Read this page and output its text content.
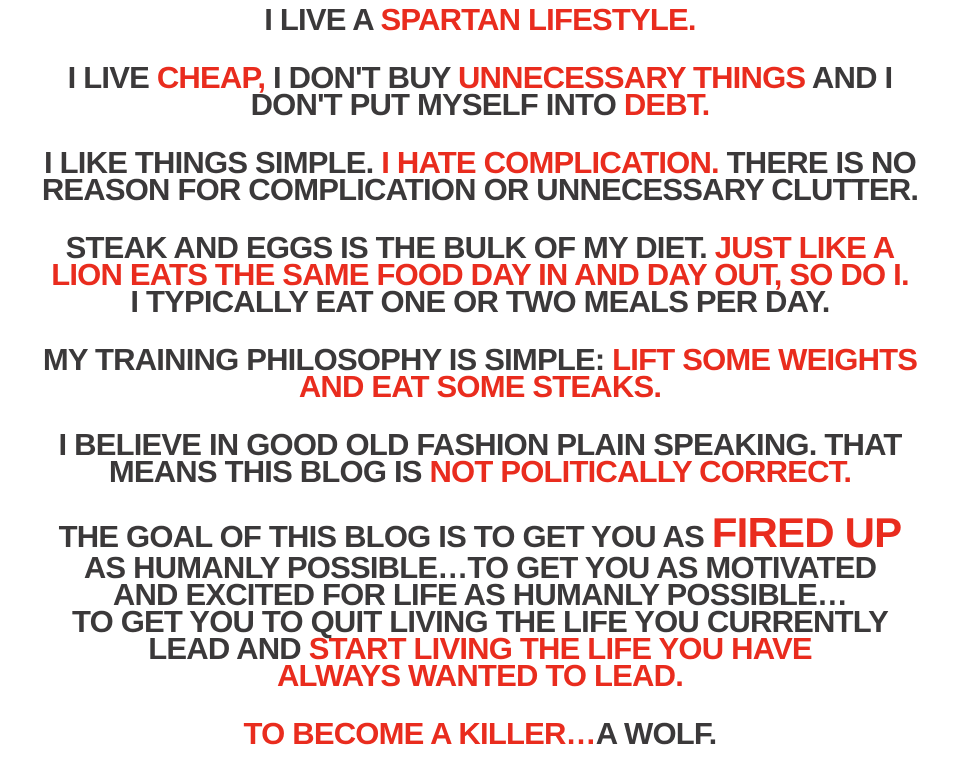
I LIVE A SPARTAN LIFESTYLE.
I LIVE CHEAP, I DON'T BUY UNNECESSARY THINGS AND I
DON'T PUT MYSELF INTO DEBT.
I LIKE THINGS SIMPLE. I HATE COMPLICATION. THERE IS NO
REASON FOR COMPLICATION OR UNNECESSARY CLUTTER.
STEAK AND EGGS IS THE BULK OF MY DIET. JUST LIKE A
LION EATS THE SAME FOOD DAY IN AND DAY OUT, SO DO I.
I TYPICALLY EAT ONE OR TWO MEALS PER DAY.
MY TRAINING PHILOSOPHY IS SIMPLE: LIFT SOME WEIGHTS
AND EAT SOME STEAKS.
I BELIEVE IN GOOD OLD FASHION PLAIN SPEAKING. THAT
MEANS THIS BLOG IS NOT POLITICALLY CORRECT.
THE GOAL OF THIS BLOG IS TO GET YOU AS FIRED UP
AS HUMANLY POSSIBLE…TO GET YOU AS MOTIVATED
AND EXCITED FOR LIFE AS HUMANLY POSSIBLE…
TO GET YOU TO QUIT LIVING THE LIFE YOU CURRENTLY
LEAD AND START LIVING THE LIFE YOU HAVE
ALWAYS WANTED TO LEAD.
TO BECOME A KILLER…A WOLF.
